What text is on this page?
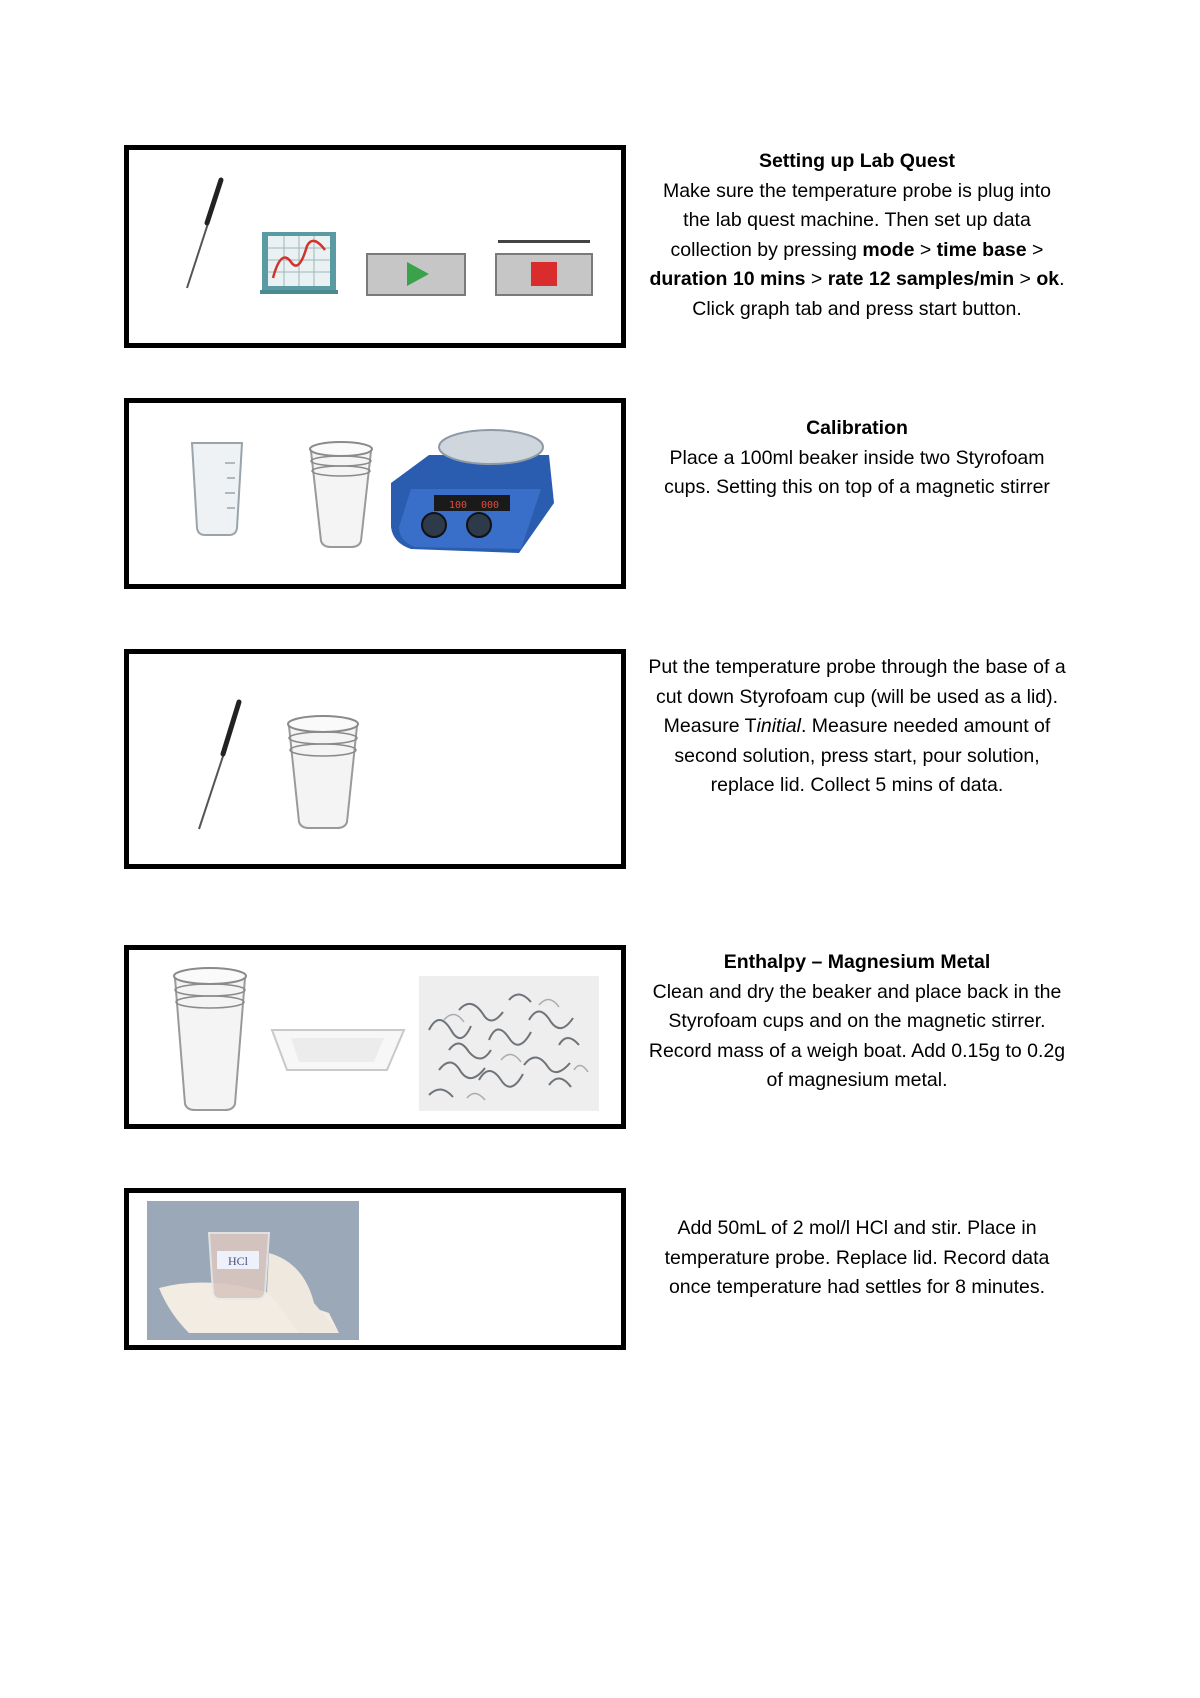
Setting up Lab Quest
Make sure the temperature probe is plug into the lab quest machine. Then set up data collection by pressing mode > time base > duration 10 mins > rate 12 samples/min > ok. Click graph tab and press start button.
100 000
Calibration
Place a 100ml beaker inside two Styrofoam cups. Setting this on top of a magnetic stirrer
Put the temperature probe through the base of a cut down Styrofoam cup (will be used as a lid). Measure Tinitial. Measure needed amount of second solution, press start, pour solution, replace lid. Collect 5 mins of data.
Enthalpy – Magnesium Metal
Clean and dry the beaker and place back in the Styrofoam cups and on the magnetic stirrer. Record mass of a weigh boat. Add 0.15g to 0.2g of magnesium metal.
HCl
Add 50mL of 2 mol/l HCl and stir. Place in temperature probe. Replace lid. Record data once temperature had settles for 8 minutes.
